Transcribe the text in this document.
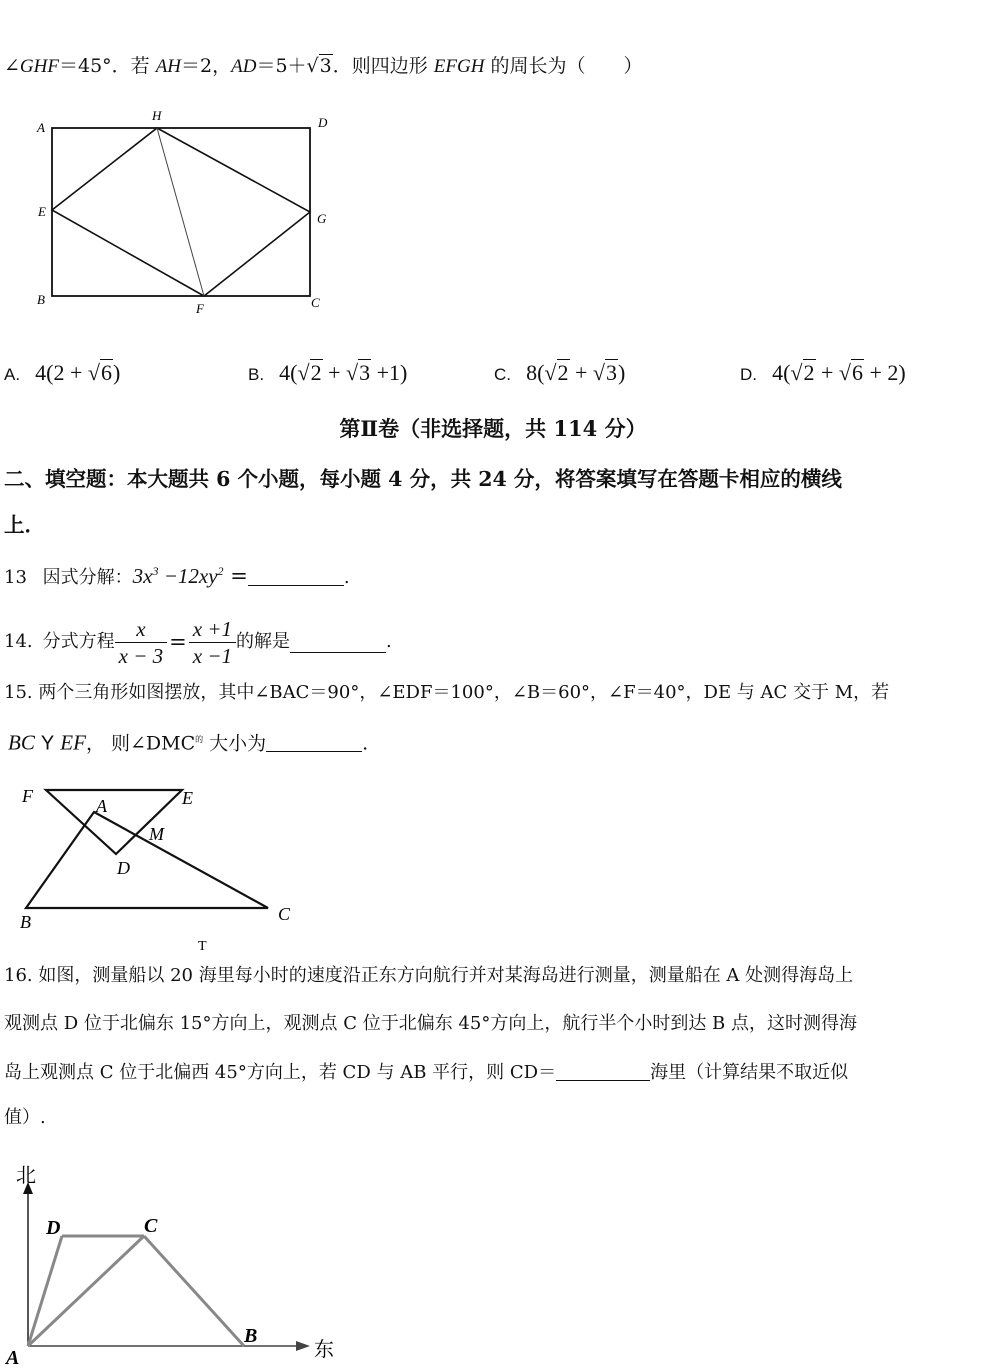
∠GHF＝45°．若 AH＝2，AD＝5＋√3．则四边形 EFGH 的周长为（　　）
A
H	D
E	G
B
F	C
A. 4(2 + √6)	B. 4(√2 + √3 +1)	C. 8(√2 + √3)	D. 4(√2 + √6 + 2)
第Ⅱ卷（非选择题，共 114 分）
二、填空题：本大题共 6 个小题，每小题 4 分，共 24 分，将答案填写在答题卡相应的横线
上．
13 因式分解：$3x^3 -12xy^2$ =	.
14. 分式方程 $\frac{x}{x - 3} = \frac{x +1}{x -1}$ 的解是	.
15. 两个三角形如图摆放，其中∠BAC＝90°，∠EDF＝100°，∠B＝60°，∠F＝40°，DE 与 AC 交于 M，若
BC Y EF， 则$\angle DMC^的$ 大小为	.
F	A	E
M
D
B	C
T
16. 如图，测量船以 20 海里每小时的速度沿正东方向航行并对某海岛进行测量，测量船在 A 处测得海岛上
观测点 D 位于北偏东 15°方向上，观测点 C 位于北偏东 45°方向上，航行半个小时到达 B 点，这时测得海
岛上观测点 C 位于北偏西 45°方向上，若 CD 与 AB 平行，则 CD＝	海里（计算结果不取近似
值）.
北
东
D	C
A
B
